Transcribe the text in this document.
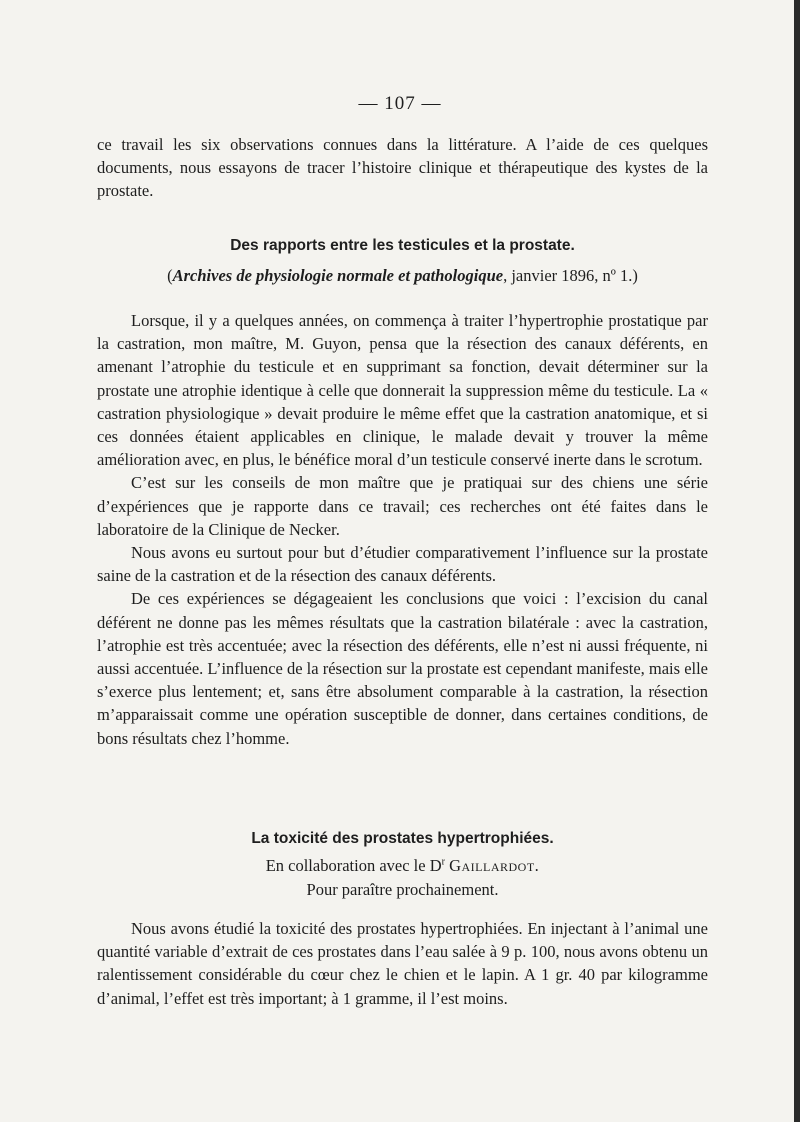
— 107 —

ce travail les six observations connues dans la littérature. A l’aide de ces quelques documents, nous essayons de tracer l’histoire clinique et thérapeutique des kystes de la prostate.

Des rapports entre les testicules et la prostate.
(Archives de physiologie normale et pathologique, janvier 1896, nº 1.)

Lorsque, il y a quelques années, on commença à traiter l’hypertrophie prostatique par la castration, mon maître, M. Guyon, pensa que la résection des canaux déférents, en amenant l’atrophie du testicule et en supprimant sa fonction, devait déterminer sur la prostate une atrophie identique à celle que donnerait la suppression même du testicule. La « castration physiologique » devait produire le même effet que la castration anatomique, et si ces données étaient applicables en clinique, le malade devait y trouver la même amélioration avec, en plus, le bénéfice moral d’un testicule conservé inerte dans le scrotum.

C’est sur les conseils de mon maître que je pratiquai sur des chiens une série d’expériences que je rapporte dans ce travail; ces recherches ont été faites dans le laboratoire de la Clinique de Necker.

Nous avons eu surtout pour but d’étudier comparativement l’influence sur la prostate saine de la castration et de la résection des canaux déférents.

De ces expériences se dégageaient les conclusions que voici : l’excision du canal déférent ne donne pas les mêmes résultats que la castration bilatérale : avec la castration, l’atrophie est très accentuée; avec la résection des déférents, elle n’est ni aussi fréquente, ni aussi accentuée. L’influence de la résection sur la prostate est cependant manifeste, mais elle s’exerce plus lentement; et, sans être absolument comparable à la castration, la résection m’apparaissait comme une opération susceptible de donner, dans certaines conditions, de bons résultats chez l’homme.

La toxicité des prostates hypertrophiées.
En collaboration avec le $D^r$ Gaillardot.
Pour paraître prochainement.

Nous avons étudié la toxicité des prostates hypertrophiées. En injectant à l’animal une quantité variable d’extrait de ces prostates dans l’eau salée à 9 p. 100, nous avons obtenu un ralentissement considérable du cœur chez le chien et le lapin. A 1 gr. 40 par kilogramme d’animal, l’effet est très important; à 1 gramme, il l’est moins.
